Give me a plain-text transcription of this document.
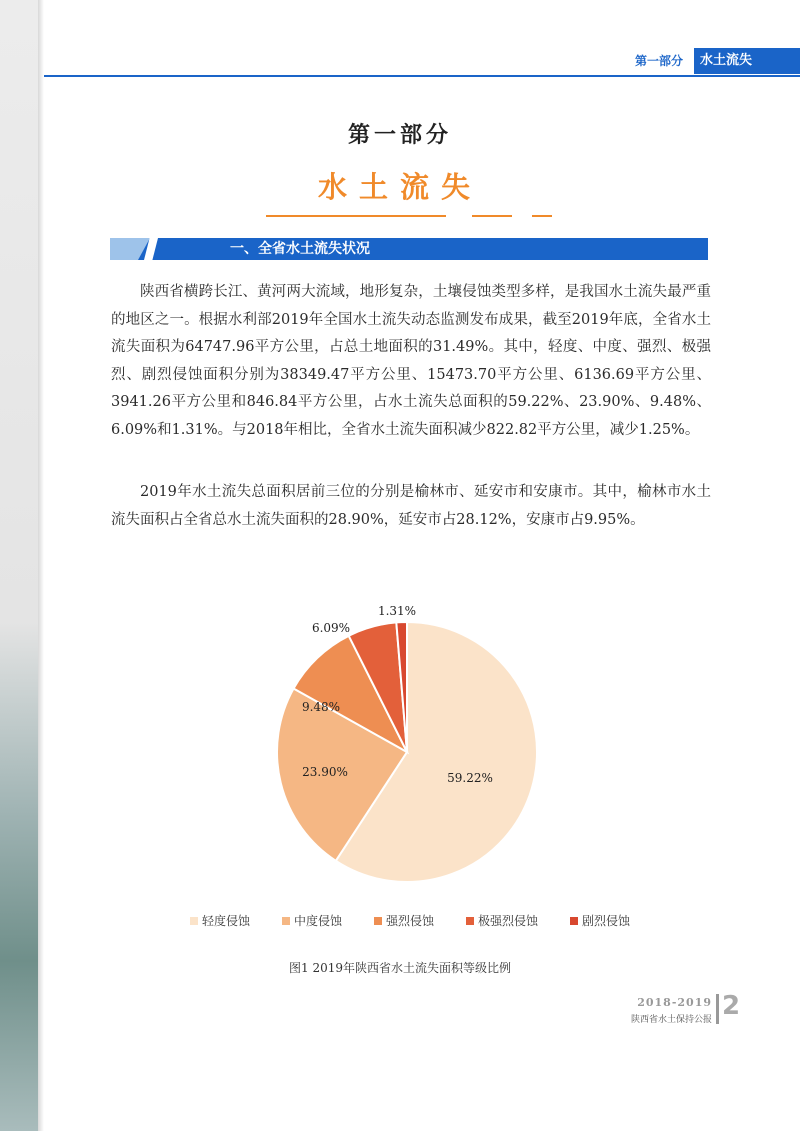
第一部分	水土流失
第一部分
水土流失
一、全省水土流失状况
陕西省横跨长江、黄河两大流域，地形复杂，土壤侵蚀类型多样，是我国水土流失最严重的地区之一。根据水利部2019年全国水土流失动态监测发布成果，截至2019年底，全省水土流失面积为64747.96平方公里，占总土地面积的31.49%。其中，轻度、中度、强烈、极强烈、剧烈侵蚀面积分别为38349.47平方公里、15473.70平方公里、6136.69平方公里、3941.26平方公里和846.84平方公里，占水土流失总面积的59.22%、23.90%、9.48%、6.09%和1.31%。与2018年相比，全省水土流失面积减少822.82平方公里，减少1.25%。
2019年水土流失总面积居前三位的分别是榆林市、延安市和安康市。其中，榆林市水土流失面积占全省总水土流失面积的28.90%，延安市占28.12%，安康市占9.95%。
59.22%
23.90%
9.48%
6.09%
1.31%
轻度侵蚀	中度侵蚀	强烈侵蚀	极强烈侵蚀	剧烈侵蚀
图1 2019年陕西省水土流失面积等级比例
2018-2019
陕西省水土保持公报 2
